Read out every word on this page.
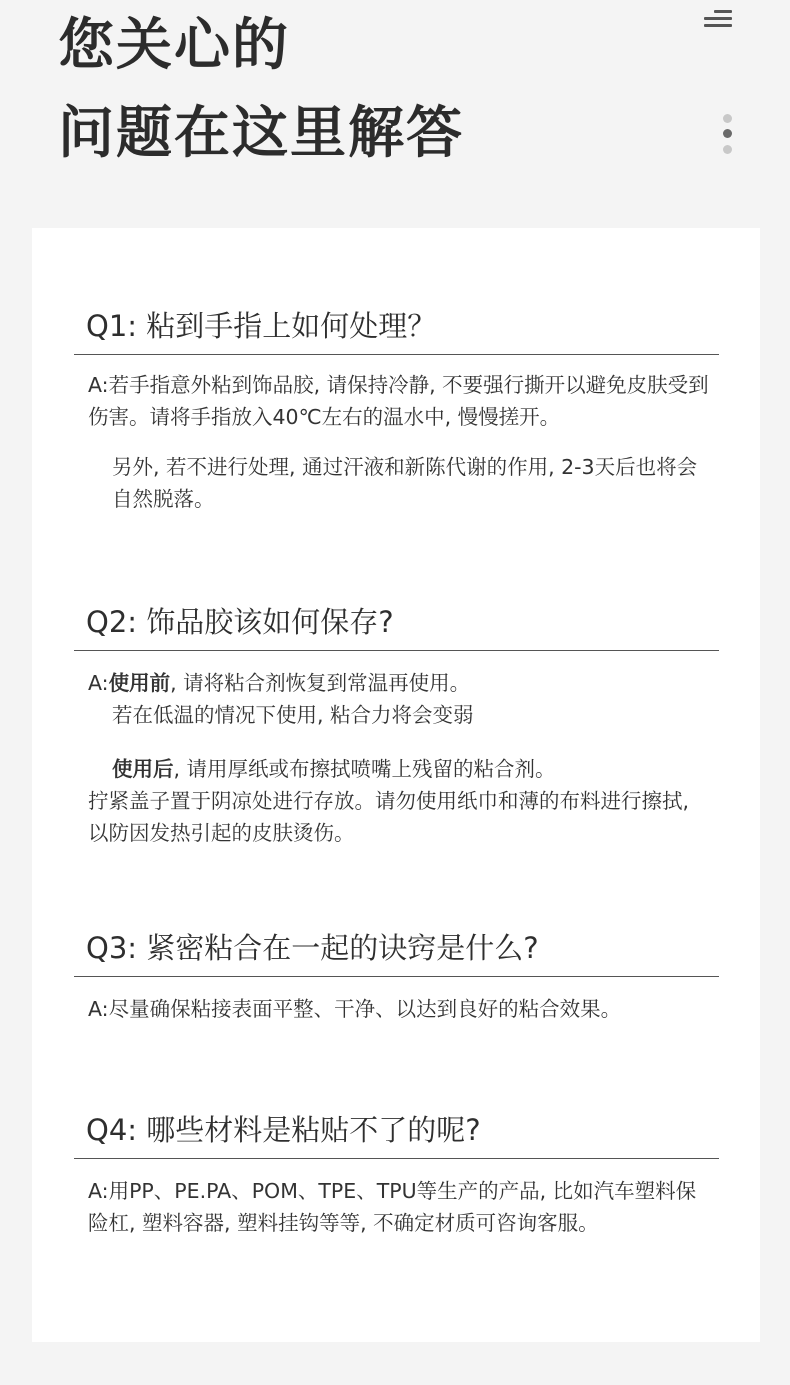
您关心的
问题在这里解答
Q1: 粘到手指上如何处理？

A:若手指意外粘到饰品胶, 请保持冷静, 不要强行撕开以避免皮肤受到伤害。请将手指放入40℃左右的温水中, 慢慢搓开。

另外, 若不进行处理, 通过汗液和新陈代谢的作用, 2-3天后也将会自然脱落。

Q2: 饰品胶该如何保存?

A:使用前, 请将粘合剂恢复到常温再使用。

若在低温的情况下使用, 粘合力将会变弱

使用后, 请用厚纸或布擦拭喷嘴上残留的粘合剂。

拧紧盖子置于阴凉处进行存放。请勿使用纸巾和薄的布料进行擦拭, 以防因发热引起的皮肤烫伤。

Q3: 紧密粘合在一起的诀窍是什么?

A:尽量确保粘接表面平整、干净、以达到良好的粘合效果。

Q4: 哪些材料是粘贴不了的呢?

A:用PP、PE.PA、POM、TPE、TPU等生产的产品, 比如汽车塑料保险杠, 塑料容器, 塑料挂钩等等, 不确定材质可咨询客服。
